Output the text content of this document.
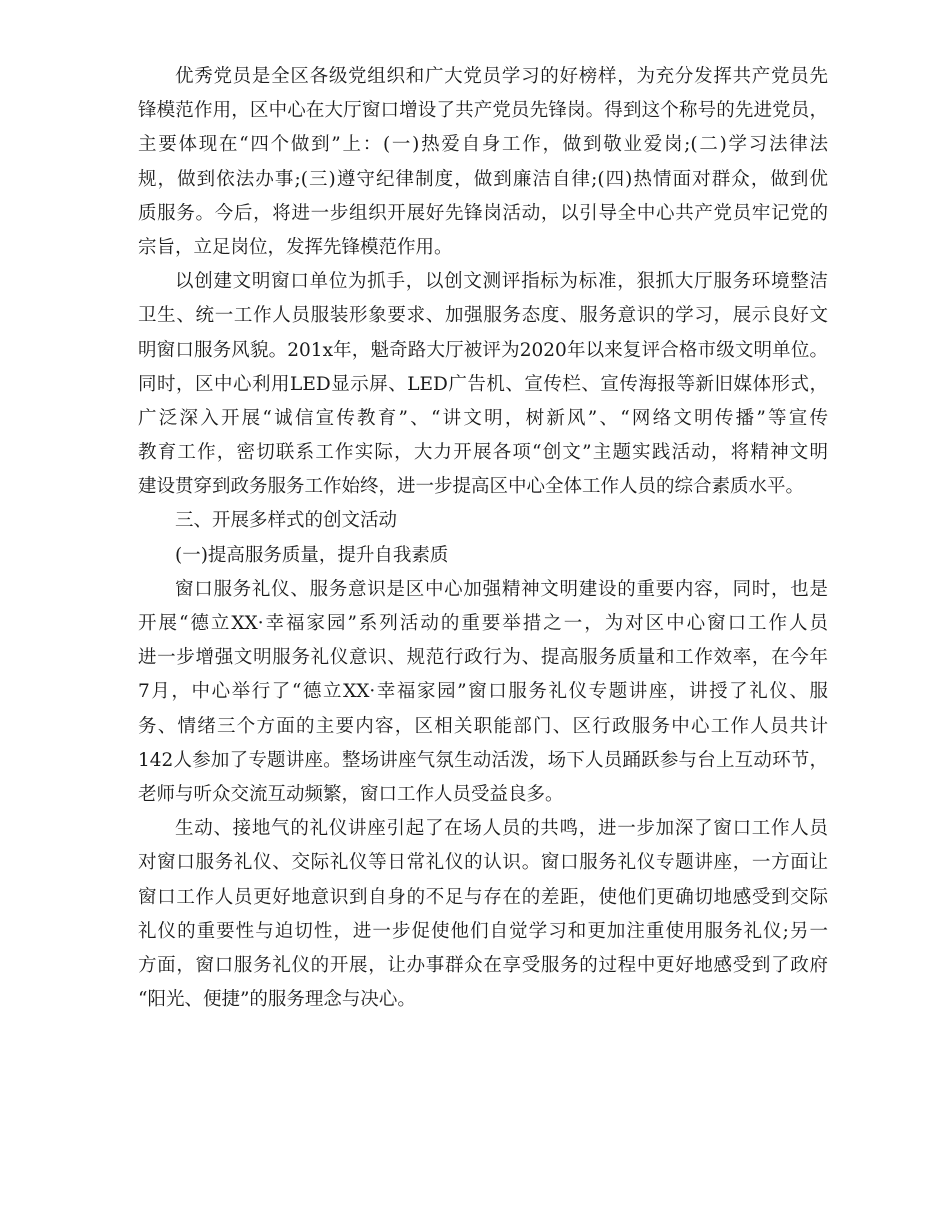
优秀党员是全区各级党组织和广大党员学习的好榜样，为充分发挥共产党员先
锋模范作用，区中心在大厅窗口增设了共产党员先锋岗。得到这个称号的先进党员，
主要体现在“四个做到”上：(一)热爱自身工作，做到敬业爱岗;(二)学习法律法
规，做到依法办事;(三)遵守纪律制度，做到廉洁自律;(四)热情面对群众，做到优
质服务。今后，将进一步组织开展好先锋岗活动，以引导全中心共产党员牢记党的
宗旨，立足岗位，发挥先锋模范作用。
以创建文明窗口单位为抓手，以创文测评指标为标准，狠抓大厅服务环境整洁
卫生、统一工作人员服装形象要求、加强服务态度、服务意识的学习，展示良好文
明窗口服务风貌。201x年，魁奇路大厅被评为2020年以来复评合格市级文明单位。
同时，区中心利用LED显示屏、LED广告机、宣传栏、宣传海报等新旧媒体形式，
广泛深入开展“诚信宣传教育”、“讲文明，树新风”、“网络文明传播”等宣传
教育工作，密切联系工作实际，大力开展各项“创文”主题实践活动，将精神文明
建设贯穿到政务服务工作始终，进一步提高区中心全体工作人员的综合素质水平。
三、开展多样式的创文活动
(一)提高服务质量，提升自我素质
窗口服务礼仪、服务意识是区中心加强精神文明建设的重要内容，同时，也是
开展“德立XX·幸福家园”系列活动的重要举措之一，为对区中心窗口工作人员
进一步增强文明服务礼仪意识、规范行政行为、提高服务质量和工作效率，在今年
7月，中心举行了“德立XX·幸福家园”窗口服务礼仪专题讲座，讲授了礼仪、服
务、情绪三个方面的主要内容，区相关职能部门、区行政服务中心工作人员共计
142人参加了专题讲座。整场讲座气氛生动活泼，场下人员踊跃参与台上互动环节，
老师与听众交流互动频繁，窗口工作人员受益良多。
生动、接地气的礼仪讲座引起了在场人员的共鸣，进一步加深了窗口工作人员
对窗口服务礼仪、交际礼仪等日常礼仪的认识。窗口服务礼仪专题讲座，一方面让
窗口工作人员更好地意识到自身的不足与存在的差距，使他们更确切地感受到交际
礼仪的重要性与迫切性，进一步促使他们自觉学习和更加注重使用服务礼仪;另一
方面，窗口服务礼仪的开展，让办事群众在享受服务的过程中更好地感受到了政府
“阳光、便捷”的服务理念与决心。
